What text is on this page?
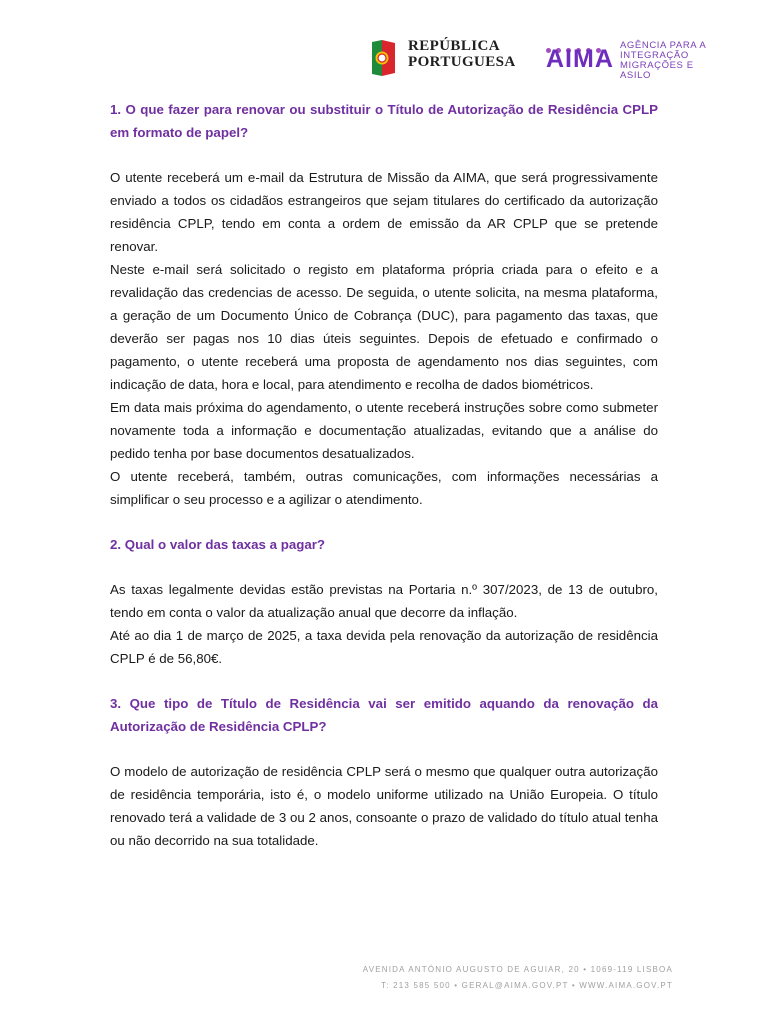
REPÚBLICA
PORTUGUESA AIMA AGÊNCIA PARA A
INTEGRAÇÃO
MIGRAÇÕES E ASILO
1. O que fazer para renovar ou substituir o Título de Autorização de Residência CPLP em formato de papel?

O utente receberá um e-mail da Estrutura de Missão da AIMA, que será progressivamente enviado a todos os cidadãos estrangeiros que sejam titulares do certificado da autorização residência CPLP, tendo em conta a ordem de emissão da AR CPLP que se pretende renovar.

Neste e-mail será solicitado o registo em plataforma própria criada para o efeito e a revalidação das credencias de acesso. De seguida, o utente solicita, na mesma plataforma, a geração de um Documento Único de Cobrança (DUC), para pagamento das taxas, que deverão ser pagas nos 10 dias úteis seguintes. Depois de efetuado e confirmado o pagamento, o utente receberá uma proposta de agendamento nos dias seguintes, com indicação de data, hora e local, para atendimento e recolha de dados biométricos.

Em data mais próxima do agendamento, o utente receberá instruções sobre como submeter novamente toda a informação e documentação atualizadas, evitando que a análise do pedido tenha por base documentos desatualizados.

O utente receberá, também, outras comunicações, com informações necessárias a simplificar o seu processo e a agilizar o atendimento.

2. Qual o valor das taxas a pagar?

As taxas legalmente devidas estão previstas na Portaria n.º 307/2023, de 13 de outubro, tendo em conta o valor da atualização anual que decorre da inflação.

Até ao dia 1 de março de 2025, a taxa devida pela renovação da autorização de residência CPLP é de 56,80€.

3. Que tipo de Título de Residência vai ser emitido aquando da renovação da Autorização de Residência CPLP?

O modelo de autorização de residência CPLP será o mesmo que qualquer outra autorização de residência temporária, isto é, o modelo uniforme utilizado na União Europeia. O título renovado terá a validade de 3 ou 2 anos, consoante o prazo de validado do título atual tenha ou não decorrido na sua totalidade.

AVENIDA ANTÓNIO AUGUSTO DE AGUIAR, 20 • 1069-119 LISBOA
T: 213 585 500 • GERAL@AIMA.GOV.PT • WWW.AIMA.GOV.PT
